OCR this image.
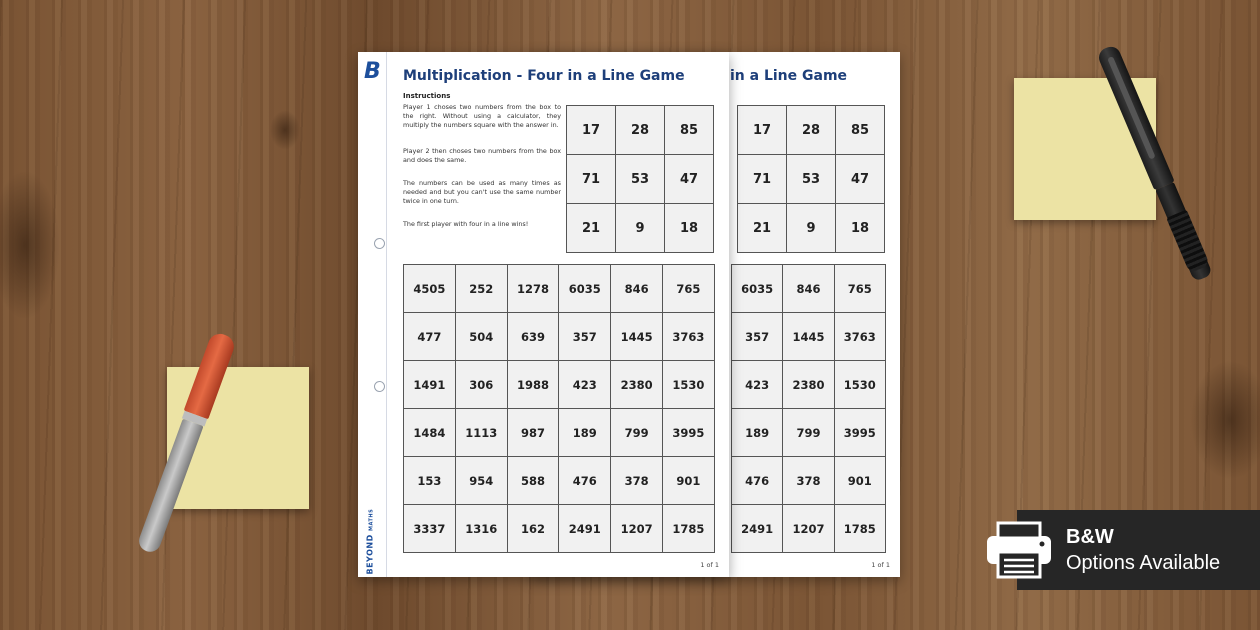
in a Line Game
17	28	85
71	53	47
21	9	18
6035	846	765
357	1445	3763
423	2380	1530
189	799	3995
476	378	901
2491	1207	1785
1 of 1
B
BEYOND MATHS
Multiplication - Four in a Line Game
Instructions

Player 1 choses two numbers from the box to the right. Without using a calculator, they multiply the numbers square with the answer in.

Player 2 then choses two numbers from the box and does the same.

The numbers can be used as many times as needed and but you can't use the same number twice in one turn.

The first player with four in a line wins!

17	28	85
71	53	47
21	9	18
4505	252	1278	6035	846	765
477	504	639	357	1445	3763
1491	306	1988	423	2380	1530
1484	1113	987	189	799	3995
153	954	588	476	378	901
3337	1316	162	2491	1207	1785
1 of 1
B&W
Options Available
